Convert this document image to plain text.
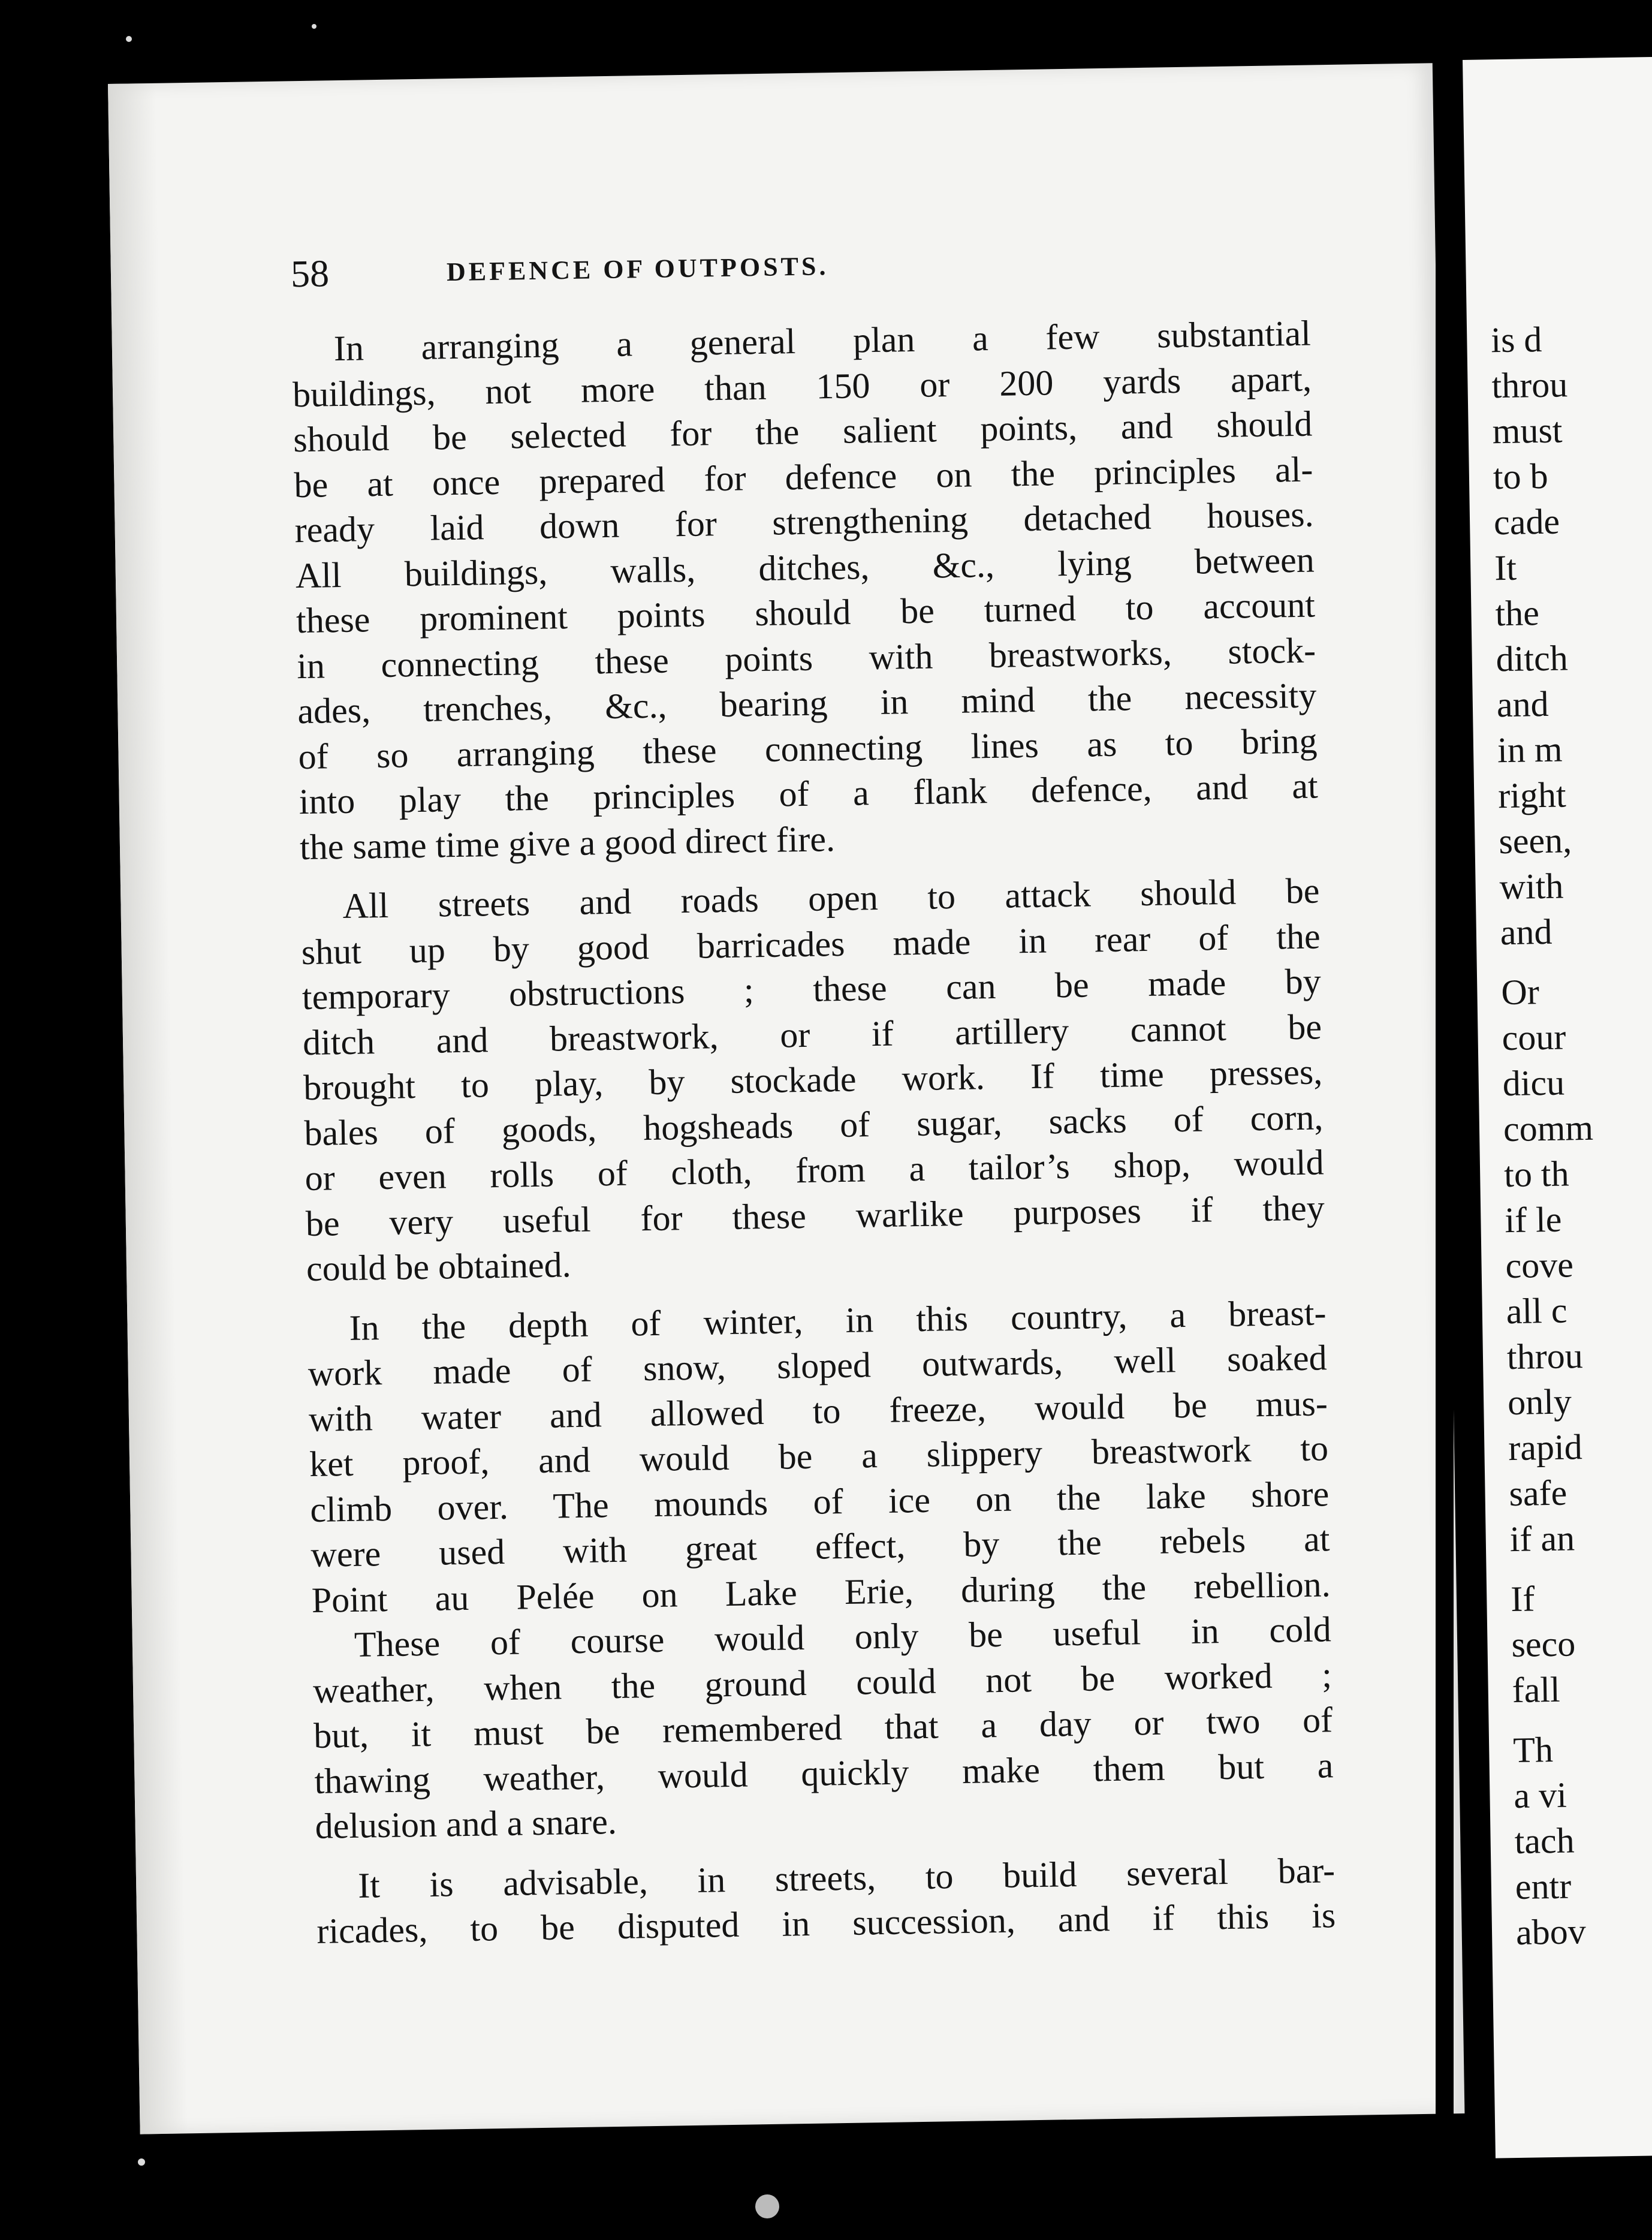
58	DEFENCE OF OUTPOSTS.

In arranging a general plan a few substantial
buildings, not more than 150 or 200 yards apart,
should be selected for the salient points, and should
be at once prepared for defence on the principles al-
ready laid down for strengthening detached houses.
All buildings, walls, ditches, &c., lying between
these prominent points should be turned to account
in connecting these points with breastworks, stock-
ades, trenches, &c., bearing in mind the necessity
of so arranging these connecting lines as to bring
into play the principles of a flank defence, and at
the same time give a good direct fire.

All streets and roads open to attack should be
shut up by good barricades made in rear of the
temporary obstructions ; these can be made by
ditch and breastwork, or if artillery cannot be
brought to play, by stockade work. If time presses,
bales of goods, hogsheads of sugar, sacks of corn,
or even rolls of cloth, from a tailor’s shop, would
be very useful for these warlike purposes if they
could be obtained.

In the depth of winter, in this country, a breast-
work made of snow, sloped outwards, well soaked
with water and allowed to freeze, would be mus-
ket proof, and would be a slippery breastwork to
climb over. The mounds of ice on the lake shore
were used with great effect, by the rebels at
Point au Pelée on Lake Erie, during the rebellion.
These of course would only be useful in cold
weather, when the ground could not be worked ;
but, it must be remembered that a day or two of
thawing weather, would quickly make them but a
delusion and a snare.

It is advisable, in streets, to build several bar-
ricades, to be disputed in succession, and if this is

is d
throu
must
to b
cade
It
the
ditch
and
in m
right
seen,
with
and
Or
cour
dicu
comm
to th
if le
cove
all c
throu
only
rapid
safe
if an
If
seco
fall
Th
a vi
tach
entr
abov
